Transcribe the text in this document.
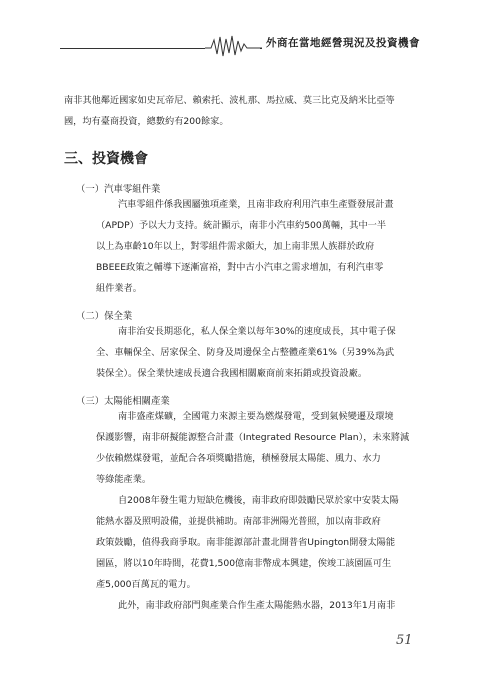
外商在當地經營現況及投資機會
南非其他鄰近國家如史瓦帝尼、賴索托、波札那、馬拉威、莫三比克及納米比亞等
國，均有臺商投資，總數約有200餘家。
三、投資機會
（一）汽車零組件業
汽車零組件係我國屬強項產業，且南非政府利用汽車生產暨發展計畫
（APDP）予以大力支持。統計顯示，南非小汽車約500萬輛，其中一半
以上為車齡10年以上，對零組件需求頗大，加上南非黑人族群於政府
BBEEE政策之輔導下逐漸富裕，對中古小汽車之需求增加，有利汽車零
組件業者。
（二）保全業
南非治安長期惡化，私人保全業以每年30%的速度成長，其中電子保
全、車輛保全、居家保全、防身及周邊保全占整體產業61%（另39%為武
裝保全）。保全業快速成長適合我國相關廠商前來拓銷或投資設廠。
（三）太陽能相關產業
南非盛產煤礦，全國電力來源主要為燃煤發電，受到氣候變遷及環境
保護影響，南非研擬能源整合計畫（Integrated Resource Plan），未來將減
少依賴燃煤發電，並配合各項獎勵措施，積極發展太陽能、風力、水力
等綠能產業。
自2008年發生電力短缺危機後，南非政府即鼓勵民眾於家中安裝太陽
能熱水器及照明設備，並提供補助。南部非洲陽光普照，加以南非政府
政策鼓勵，值得我商爭取。南非能源部計畫北開普省Upington開發太陽能
園區，將以10年時間，花費1,500億南非幣成本興建，俟竣工該園區可生
產5,000百萬瓦的電力。
此外，南非政府部門與產業合作生產太陽能熱水器，2013年1月南非
51
